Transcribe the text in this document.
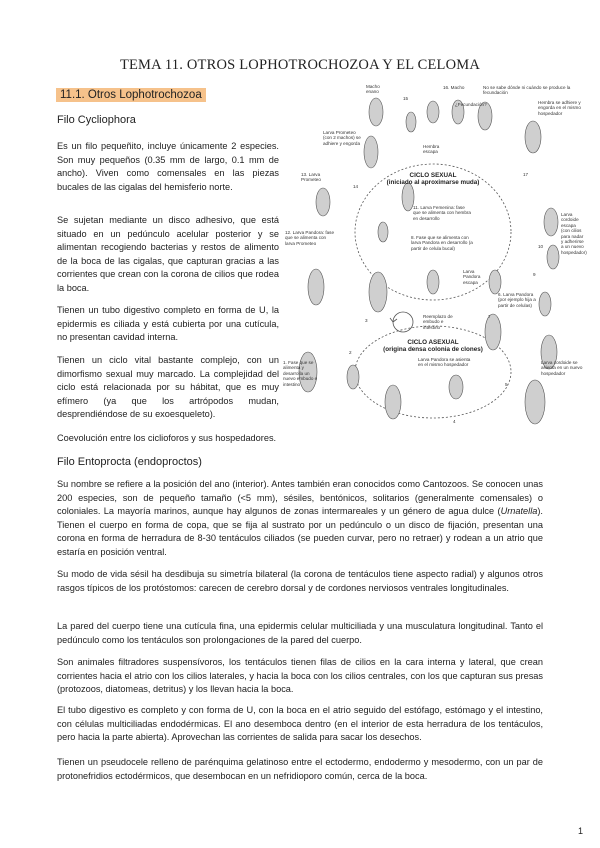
TEMA 11. OTROS LOPHOTROCHOZOA Y EL CELOMA
11.1. Otros Lophotrochozoa
Filo Cycliophora

Es un filo pequeñito, incluye únicamente 2 especies. Son muy pequeños (0.35 mm de largo, 0.1 mm de ancho). Viven como comensales en las piezas bucales de las cigalas del hemisferio norte.

Se sujetan mediante un disco adhesivo, que está situado en un pedúnculo acelular posterior y se alimentan recogiendo bacterias y restos de alimento de la boca de las cigalas, que capturan gracias a las corrientes que crean con la corona de cilios que rodea la boca.

Tienen un tubo digestivo completo en forma de U, la epidermis es ciliada y está cubierta por una cutícula, no presentan cavidad interna.

Tienen un ciclo vital bastante complejo, con un dimorfismo sexual muy marcado. La complejidad del ciclo está relacionada por su hábitat, que es muy efímero (ya que los artrópodos mudan, desprendiéndose de su exoesqueleto).

Coevolución entre los ciclioforos y sus hospedadores.

CICLO SEXUAL
(iniciado al aproximarse muda)
CICLO ASEXUAL
(origina densa colonia de clones)
Macho
enano
16. Macho	No se sabe dónde ni cuándo se produce la fecundación
¿Fecundación?	Hembra se adhiere y engorda en el mismo hospedador
Larva Prometeo (con 2 machos) se adhiere y engorda
Hembra escapa
13. Larva Prometeo
11. Larva Femenina: fase que se alimenta con hembra en desarrollo
Larva cordoide escapa (con cilios para nadar y adherirse a un nuevo hospedador)
12. Larva Pandora: fase que se alimenta con larva Prometeo
8. Fase que se alimenta con larva Pandora en desarrollo (a partir de celula bucal)
Larva Pandora escapa
Reemplazo de embudo e intestino
6. Larva Pandora (por ejemplo hija a partir de celulas)
Larva Pandora se asienta en el mismo hospedador
1. Fase que se alimenta y desarrolla un nuevo embudo e intestino
Larva cordoide se asienta en un nuevo hospedador
2
3
4
5
7
9
10
14
15
17
Filo Entoprocta (endoproctos)

Su nombre se refiere a la posición del ano (interior). Antes también eran conocidos como Cantozoos. Se conocen unas 200 especies, son de pequeño tamaño (<5 mm), sésiles, bentónicos, solitarios (generalmente comensales) o coloniales. La mayoría marinos, aunque hay algunos de zonas intermareales y un género de agua dulce (Urnatella). Tienen el cuerpo en forma de copa, que se fija al sustrato por un pedúnculo o un disco de fijación, presentan una corona en forma de herradura de 8-30 tentáculos ciliados (se pueden curvar, pero no retraer) y rodean a un atrio que estaría en posición ventral.

Su modo de vida sésil ha desdibuja su simetría bilateral (la corona de tentáculos tiene aspecto radial) y algunos otros rasgos típicos de los protóstomos: carecen de cerebro dorsal y de cordones nerviosos ventrales longitudinales.

La pared del cuerpo tiene una cutícula fina, una epidermis celular multiciliada y una musculatura longitudinal. Tanto el pedúnculo como los tentáculos son prolongaciones de la pared del cuerpo.

Son animales filtradores suspensívoros, los tentáculos tienen filas de cilios en la cara interna y lateral, que crean corrientes hacia el atrio con los cilios laterales, y hacia la boca con los cilios centrales, con los que capturan sus presas (protozoos, diatomeas, detritus) y los llevan hacia la boca.

El tubo digestivo es completo y con forma de U, con la boca en el atrio seguido del estófago, estómago y el intestino, con células multiciliadas endodérmicas. El ano desemboca dentro (en el interior de esta herradura de los tentáculos, pero hacia la parte abierta). Aprovechan las corrientes de salida para sacar los desechos.

Tienen un pseudocele relleno de parénquima gelatinoso entre el ectodermo, endodermo y mesodermo, con un par de protonefridios ectodérmicos, que desembocan en un nefridioporo común, cerca de la boca.

1
